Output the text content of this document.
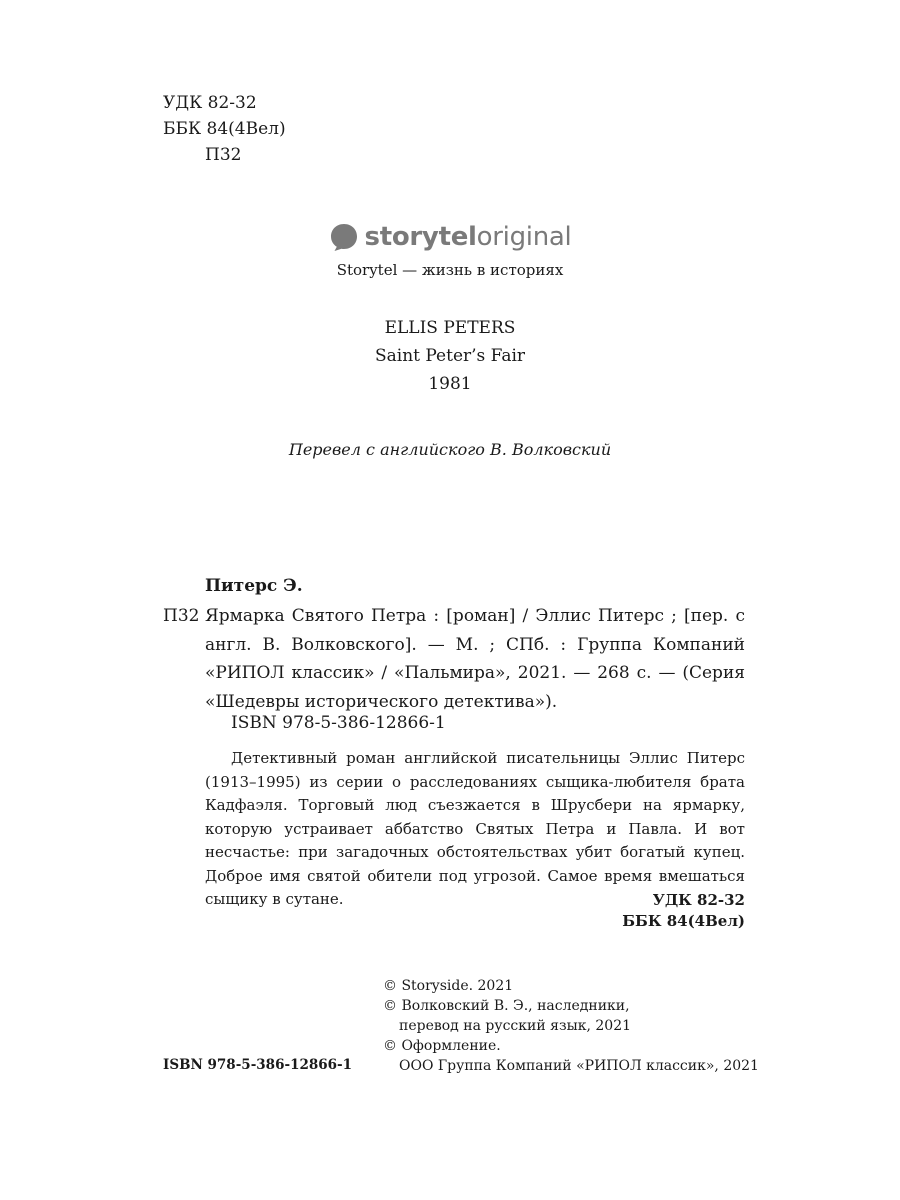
УДК 82-32
ББК 84(4Вел)
П32
storyteloriginal
Storytel — жизнь в историях
ELLIS PETERS
Saint Peter’s Fair
1981
Перевел с английского В. Волковский
Питерс Э.
П32 Ярмарка Святого Петра : [роман] / Эллис Питерс ; [пер. с англ. В. Волковского]. — М. ; СПб. : Группа Компаний «РИПОЛ классик» / «Пальмира», 2021. — 268 с. — (Серия «Шедевры исторического детектива»).
ISBN 978-5-386-12866-1
Детективный роман английской писательницы Эллис Питерс (1913–1995) из серии о расследованиях сыщика-любителя брата Кадфаэля. Торговый люд съезжается в Шрусбери на ярмарку, которую устраивает аббатство Святых Петра и Павла. И вот несчастье: при загадочных обстоятельствах убит богатый купец. Доброе имя святой обители под угрозой. Самое время вмешаться сыщику в сутане.	УДК 82-32
ББК 84(4Вел)
© Storyside. 2021
© Волковский В. Э., наследники,
перевод на русский язык, 2021
© Оформление.
ООО Группа Компаний «РИПОЛ классик», 2021
ISBN 978-5-386-12866-1
